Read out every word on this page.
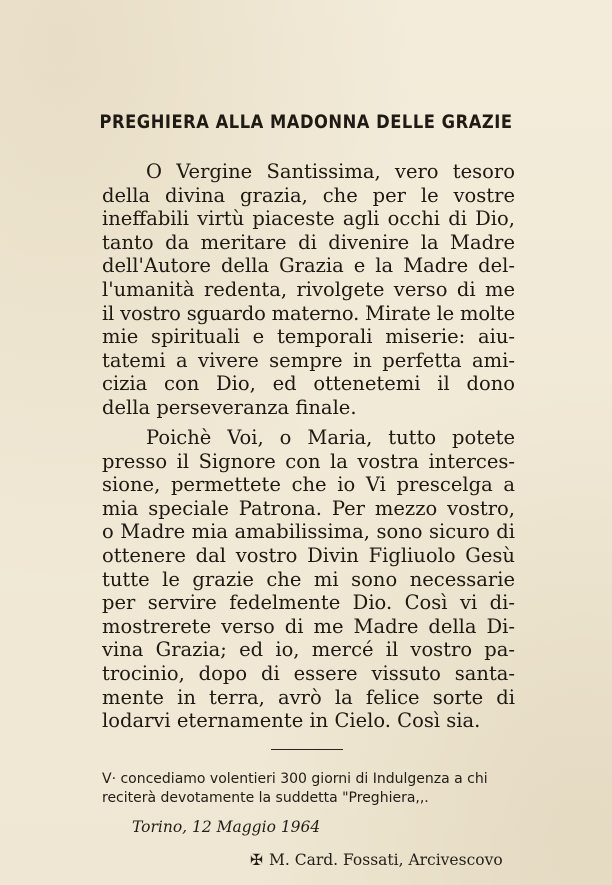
PREGHIERA ALLA MADONNA DELLE GRAZIE
O Vergine Santissima, vero tesoro
della divina grazia, che per le vostre
ineffabili virtù piaceste agli occhi di Dio,
tanto da meritare di divenire la Madre
dell'Autore della Grazia e la Madre del-
l'umanità redenta, rivolgete verso di me
il vostro sguardo materno. Mirate le molte
mie spirituali e temporali miserie: aiu-
tatemi a vivere sempre in perfetta ami-
cizia con Dio, ed ottenetemi il dono
della perseveranza finale.
Poichè Voi, o Maria, tutto potete
presso il Signore con la vostra interces-
sione, permettete che io Vi prescelga a
mia speciale Patrona. Per mezzo vostro,
o Madre mia amabilissima, sono sicuro di
ottenere dal vostro Divin Figliuolo Gesù
tutte le grazie che mi sono necessarie
per servire fedelmente Dio. Così vi di-
mostrerete verso di me Madre della Di-
vina Grazia; ed io, mercé il vostro pa-
trocinio, dopo di essere vissuto santa-
mente in terra, avrò la felice sorte di
lodarvi eternamente in Cielo. Così sia.
V· concediamo volentieri 300 giorni di Indulgenza a chi
reciterà devotamente la suddetta "Preghiera,,.
Torino, 12 Maggio 1964
✠ M. Card. Fossati, Arcivescovo
